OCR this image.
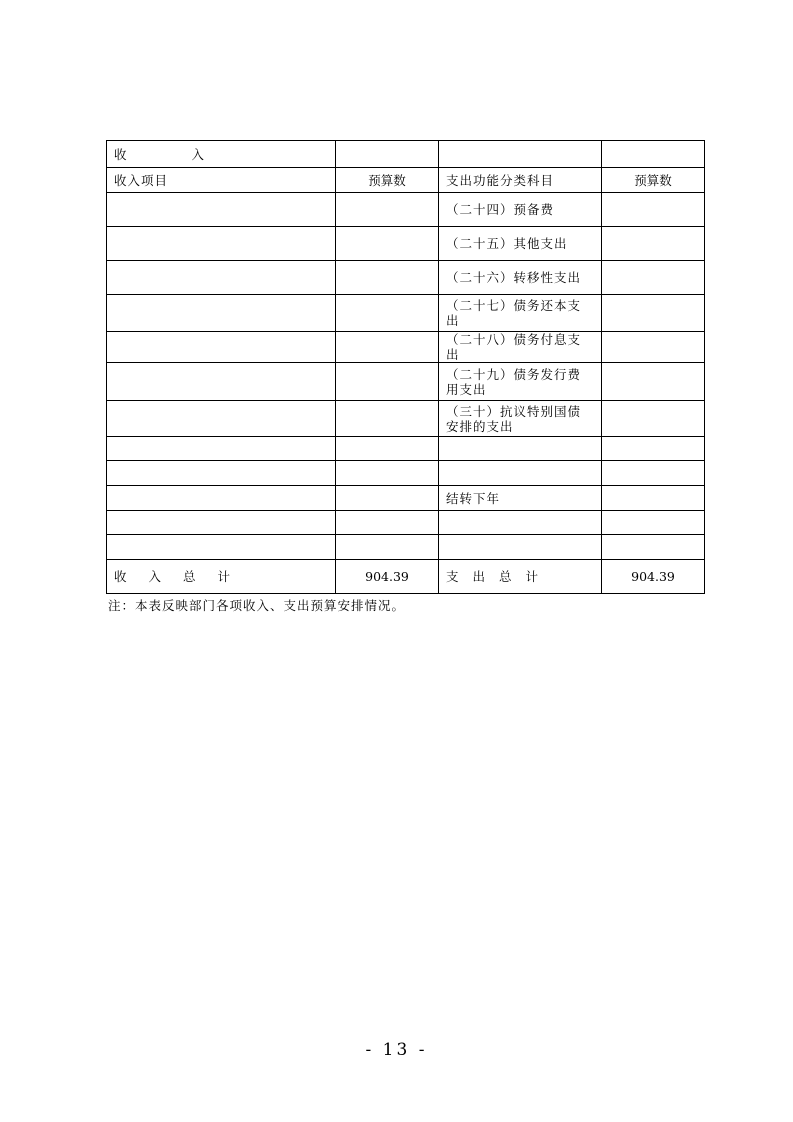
收　　　　入			
收入项目	预算数	支出功能分类科目	预算数
		（二十四）预备费	
		（二十五）其他支出	
		（二十六）转移性支出	
		（二十七）债务还本支出	
		（二十八）债务付息支出	
		（二十九）债务发行费用支出	
		（三十）抗议特别国债安排的支出	

		结转下年	

收入总计	904.39	支出总计	904.39
注：本表反映部门各项收入、支出预算安排情况。
- 13 -
